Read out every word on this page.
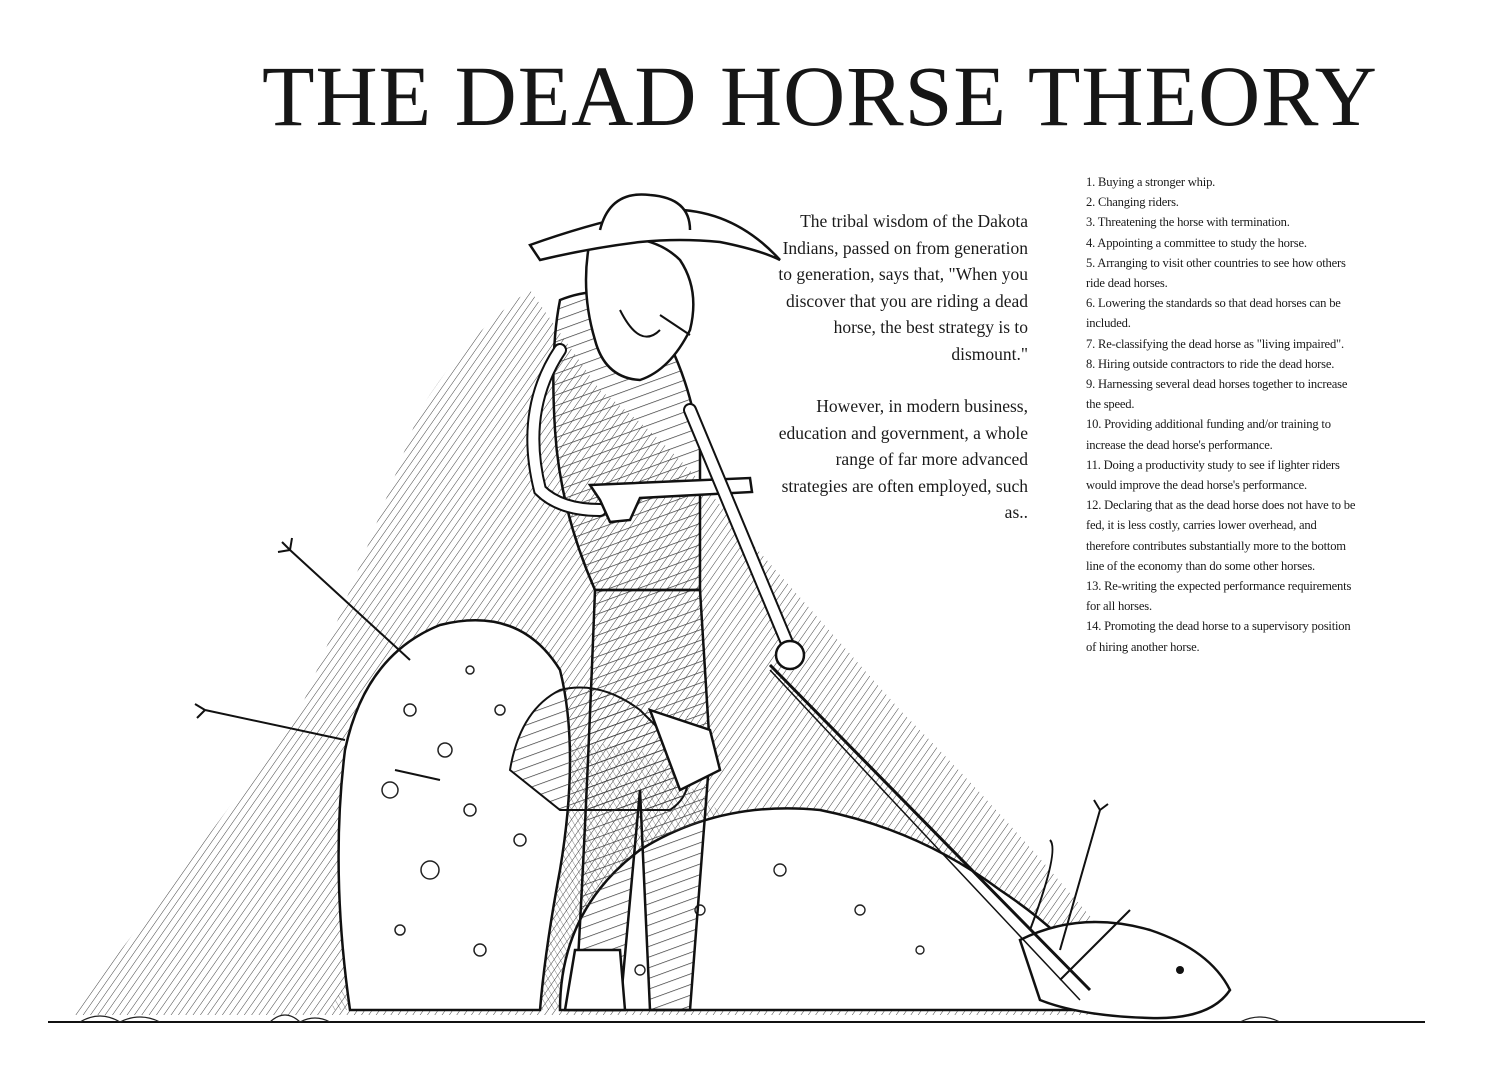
THE DEAD HORSE THEORY

The tribal wisdom of the Dakota Indians, passed on from generation to generation, says that, "When you discover that you are riding a dead horse, the best strategy is to dismount."

However, in modern business, education and government, a whole range of far more advanced strategies are often employed, such as..

1. Buying a stronger whip.
2. Changing riders.
3. Threatening the horse with termination.
4. Appointing a committee to study the horse.
5. Arranging to visit other countries to see how others ride dead horses.
6. Lowering the standards so that dead horses can be included.
7. Re-classifying the dead horse as "living impaired".
8. Hiring outside contractors to ride the dead horse.
9. Harnessing several dead horses together to increase the speed.
10. Providing additional funding and/or training to increase the dead horse's performance.
11. Doing a productivity study to see if lighter riders would improve the dead horse's performance.
12. Declaring that as the dead horse does not have to be fed, it is less costly, carries lower overhead, and therefore contributes substantially more to the bottom line of the economy than do some other horses.
13. Re-writing the expected performance requirements for all horses.
14. Promoting the dead horse to a supervisory position of hiring another horse.
